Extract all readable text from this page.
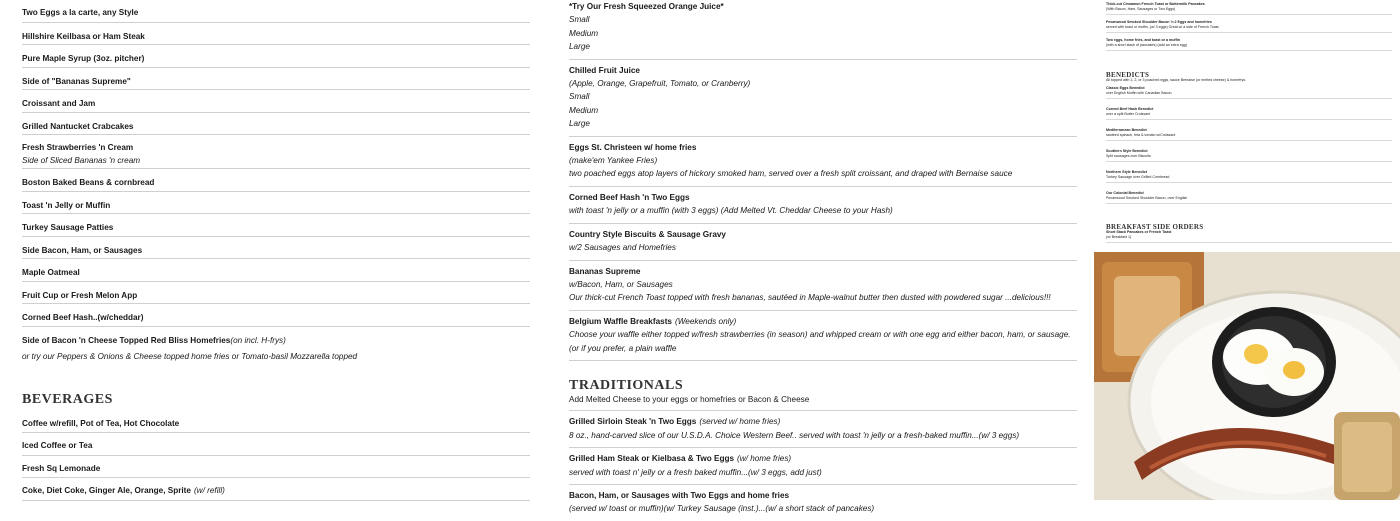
Two Eggs a la carte, any Style
Hillshire Keilbasa or Ham Steak
Pure Maple Syrup (3oz. pitcher)
Side of "Bananas Supreme"
Croissant and Jam
Grilled Nantucket Crabcakes
Fresh Strawberries 'n Cream
Side of Sliced Bananas 'n cream
Boston Baked Beans & cornbread
Toast 'n Jelly or Muffin
Turkey Sausage Patties
Side Bacon, Ham, or Sausages
Maple Oatmeal
Fruit Cup or Fresh Melon App
Corned Beef Hash..(w/cheddar)
Side of Bacon 'n Cheese Topped Red Bliss Homefries(on incl. H-frys)
or try our Peppers & Onions & Cheese topped home fries or Tomato-basil Mozzarella topped
BEVERAGES
Coffee w/refill, Pot of Tea, Hot Chocolate
Iced Coffee or Tea
Fresh Sq Lemonade
Coke, Diet Coke, Ginger Ale, Orange, Sprite (w/ refill)
*Try Our Fresh Squeezed Orange Juice*
Small
Medium
Large
Chilled Fruit Juice
(Apple, Orange, Grapefruit, Tomato, or Cranberry)
Small
Medium
Large
Eggs St. Christeen w/ home fries
(make'em Yankee Fries)
two poached eggs atop layers of hickory smoked ham, served over a fresh split croissant, and draped with Bernaise sauce
Corned Beef Hash 'n Two Eggs
with toast 'n jelly or a muffin (with 3 eggs) (Add Melted Vt. Cheddar Cheese to your Hash)
Country Style Biscuits & Sausage Gravy
w/2 Sausages and Homefries
Bananas Supreme
w/Bacon, Ham, or Sausages
Our thick-cut French Toast topped with fresh bananas, sautéed in Maple-walnut butter then dusted with powdered sugar ...delicious!!!
Belgium Waffle Breakfasts (Weekends only)
Choose your waffle either topped w/fresh strawberries (in season) and whipped cream or with one egg and either bacon, ham, or sausage.
(or if you prefer, a plain waffle
TRADITIONALS
Add Melted Cheese to your eggs or homefries or Bacon & Cheese
Grilled Sirloin Steak 'n Two Eggs (served w/ home fries)
8 oz., hand-carved slice of our U.S.D.A. Choice Western Beef.. served with toast 'n jelly or a fresh-baked muffin...(w/ 3 eggs)
Grilled Ham Steak or Kielbasa & Two Eggs (w/ home fries)
served with toast n' jelly or a fresh baked muffin...(w/ 3 eggs, add just)
Bacon, Ham, or Sausages with Two Eggs and home fries
(served w/ toast or muffin)(w/ Turkey Sausage (inst.)...(w/ a short stack of pancakes)
Thick-cut Cinnamon French Toast or Buttermilk Pancakes
(With Bacon, Ham, Sausages or Two Eggs)
Pecanwood Smoked Shoulder Bacon 'n 2 Eggs and homefries
served with toast or muffin..(w/ 3 eggs) Great w/ a side of French Toast.
Two eggs, home fries, and toast or a muffin
(with a short stack of pancakes) (add an extra egg)
BENEDICTS
All topped with 1, 2, or 3 poached eggs, sauce Bernaise (or melted cheese) & homefrys.
Classic Eggs Benedict
over English Muffin with Canadian Bacon
Corned Beef Hash Benedict
over a split Butter Croissant
Mediterranean Benedict
sautéed spinach, feta & tomato w/Croissant
Southern Style Benedict
Split sausages over Biscuits
Northern Style Benedict
Turkey Sausage over Grilled Cornbread
Our Colonial Benedict
Pecanwood Smoked Shoulder Bacon, over English
BREAKFAST SIDE ORDERS
Short Stack Pancakes or French Toast
(w/ Breakfast 1)
